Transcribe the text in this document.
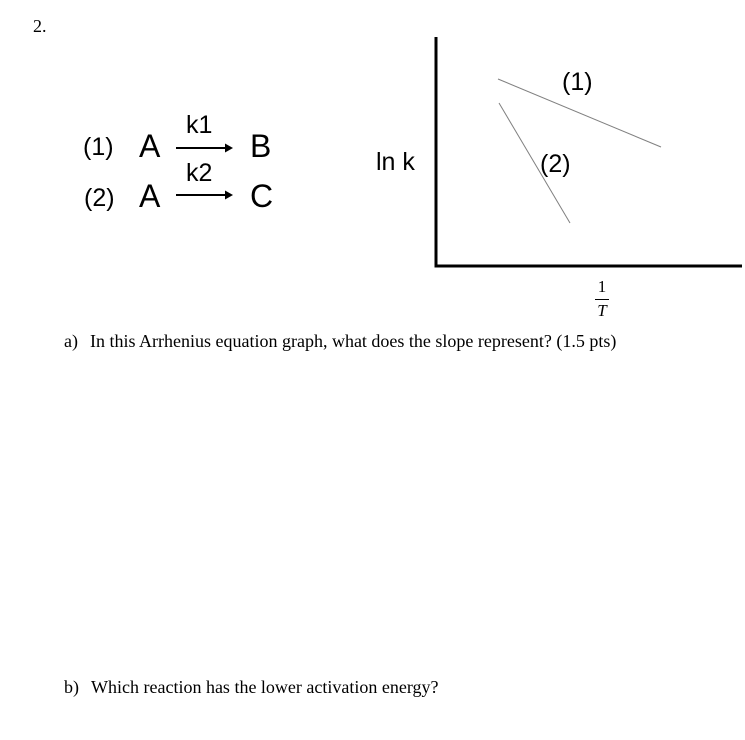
2.
(1) A
k1
→ B
(2) A
k2
→ C
(1)
(2)
ln k
1
T
a) In this Arrhenius equation graph, what does the slope represent? (1.5 pts)
b) Which reaction has the lower activation energy?
